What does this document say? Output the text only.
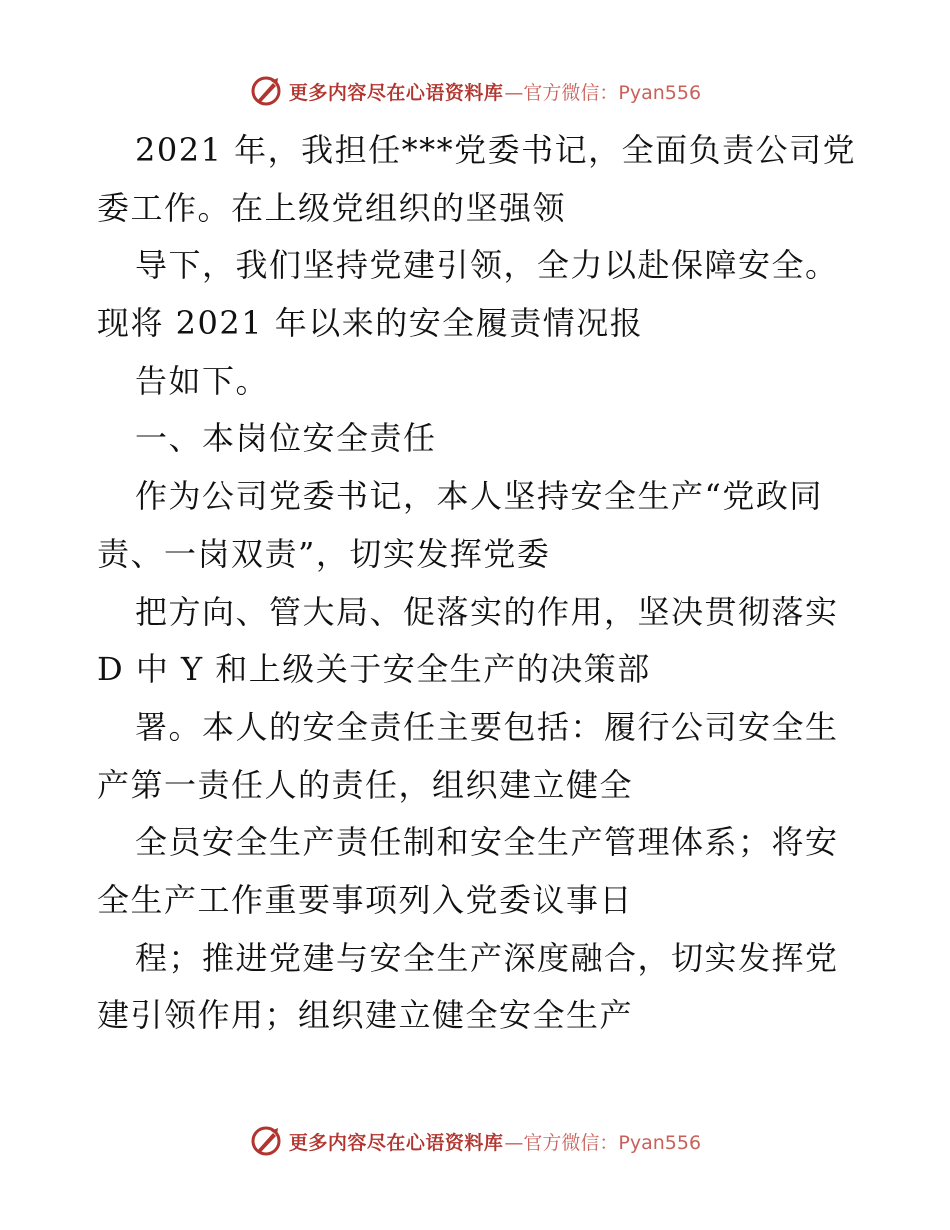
更多内容尽在心语资料库 —官方微信：Pyan556
2021 年，我担任***党委书记，全面负责公司党
委工作。在上级党组织的坚强领
导下，我们坚持党建引领，全力以赴保障安全。
现将 2021 年以来的安全履责情况报
告如下。
一、本岗位安全责任
作为公司党委书记，本人坚持安全生产“党政同
责、一岗双责”，切实发挥党委
把方向、管大局、促落实的作用，坚决贯彻落实
D 中 Y 和上级关于安全生产的决策部
署。本人的安全责任主要包括：履行公司安全生
产第一责任人的责任，组织建立健全
全员安全生产责任制和安全生产管理体系；将安
全生产工作重要事项列入党委议事日
程；推进党建与安全生产深度融合，切实发挥党
建引领作用；组织建立健全安全生产
更多内容尽在心语资料库 —官方微信：Pyan556
